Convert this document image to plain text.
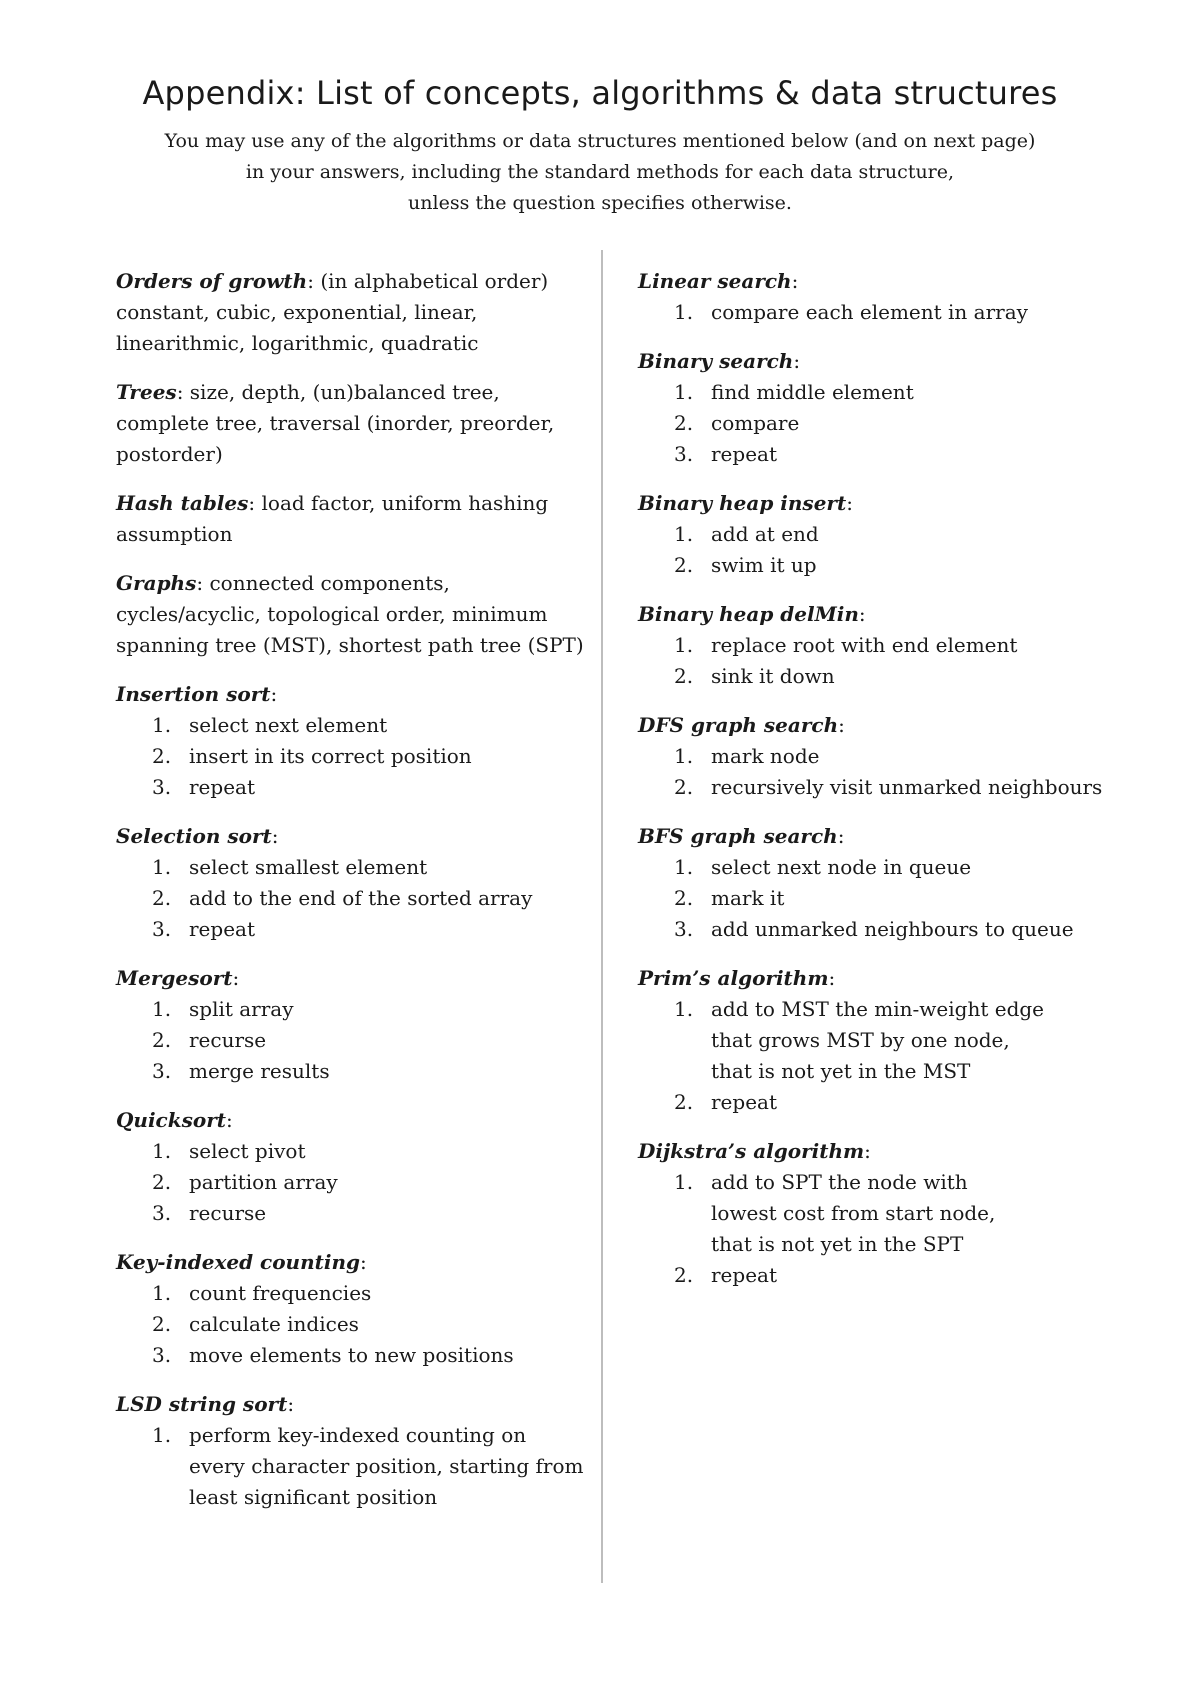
Appendix: List of concepts, algorithms & data structures
You may use any of the algorithms or data structures mentioned below (and on next page)
in your answers, including the standard methods for each data structure,
unless the question specifies otherwise.
Orders of growth: (in alphabetical order)
constant, cubic, exponential, linear,
linearithmic, logarithmic, quadratic
Trees: size, depth, (un)balanced tree,
complete tree, traversal (inorder, preorder,
postorder)
Hash tables: load factor, uniform hashing
assumption
Graphs: connected components,
cycles/acyclic, topological order, minimum
spanning tree (MST), shortest path tree (SPT)
Insertion sort:
1. select next element
2. insert in its correct position
3. repeat
Selection sort:
1. select smallest element
2. add to the end of the sorted array
3. repeat
Mergesort:
1. split array
2. recurse
3. merge results
Quicksort:
1. select pivot
2. partition array
3. recurse
Key-indexed counting:
1. count frequencies
2. calculate indices
3. move elements to new positions
LSD string sort:
1. perform key-indexed counting on
every character position, starting from
least significant position
Linear search:
1. compare each element in array
Binary search:
1. find middle element
2. compare
3. repeat
Binary heap insert:
1. add at end
2. swim it up
Binary heap delMin:
1. replace root with end element
2. sink it down
DFS graph search:
1. mark node
2. recursively visit unmarked neighbours
BFS graph search:
1. select next node in queue
2. mark it
3. add unmarked neighbours to queue
Prim’s algorithm:
1. add to MST the min-weight edge
that grows MST by one node,
that is not yet in the MST
2. repeat
Dijkstra’s algorithm:
1. add to SPT the node with
lowest cost from start node,
that is not yet in the SPT
2. repeat
